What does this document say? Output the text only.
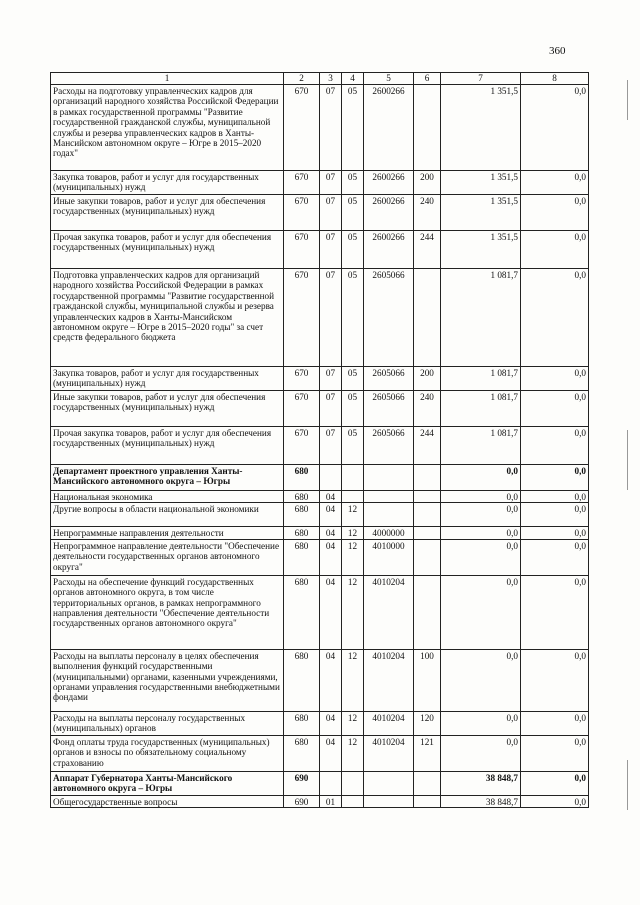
360
1	2	3	4	5	6	7	8
Расходы на подготовку управленческих кадров для организаций народного хозяйства Российской Федерации в рамках государственной программы "Развитие государственной гражданской службы, муниципальной службы и резерва управленческих кадров в Ханты-Мансийском автономном округе – Югре в 2015–2020 годах"	670	07	05	2600266		1 351,5	0,0
Закупка товаров, работ и услуг для государственных (муниципальных) нужд	670	07	05	2600266	200	1 351,5	0,0
Иные закупки товаров, работ и услуг для обеспечения государственных (муниципальных) нужд	670	07	05	2600266	240	1 351,5	0,0
Прочая закупка товаров, работ и услуг для обеспечения государственных (муниципальных) нужд	670	07	05	2600266	244	1 351,5	0,0
Подготовка управленческих кадров для организаций народного хозяйства Российской Федерации в рамках государственной программы "Развитие государственной гражданской службы, муниципальной службы и резерва управленческих кадров в Ханты-Мансийском автономном округе – Югре в 2015–2020 годы" за счет средств федерального бюджета	670	07	05	2605066		1 081,7	0,0
Закупка товаров, работ и услуг для государственных (муниципальных) нужд	670	07	05	2605066	200	1 081,7	0,0
Иные закупки товаров, работ и услуг для обеспечения государственных (муниципальных) нужд	670	07	05	2605066	240	1 081,7	0,0
Прочая закупка товаров, работ и услуг для обеспечения государственных (муниципальных) нужд	670	07	05	2605066	244	1 081,7	0,0
Департамент проектного управления Ханты-Мансийского автономного округа – Югры	680					0,0	0,0
Национальная экономика	680	04				0,0	0,0
Другие вопросы в области национальной экономики	680	04	12			0,0	0,0
Непрограммные направления деятельности	680	04	12	4000000		0,0	0,0
Непрограммное направление деятельности "Обеспечение деятельности государственных органов автономного округа"	680	04	12	4010000		0,0	0,0
Расходы на обеспечение функций государственных органов автономного округа, в том числе территориальных органов, в рамках непрограммного направления деятельности "Обеспечение деятельности государственных органов автономного округа"	680	04	12	4010204		0,0	0,0
Расходы на выплаты персоналу в целях обеспечения выполнения функций государственными (муниципальными) органами, казенными учреждениями, органами управления государственными внебюджетными фондами	680	04	12	4010204	100	0,0	0,0
Расходы на выплаты персоналу государственных (муниципальных) органов	680	04	12	4010204	120	0,0	0,0
Фонд оплаты труда государственных (муниципальных) органов и взносы по обязательному социальному страхованию	680	04	12	4010204	121	0,0	0,0
Аппарат Губернатора Ханты-Мансийского автономного округа – Югры	690					38 848,7	0,0
Общегосударственные вопросы	690	01				38 848,7	0,0
